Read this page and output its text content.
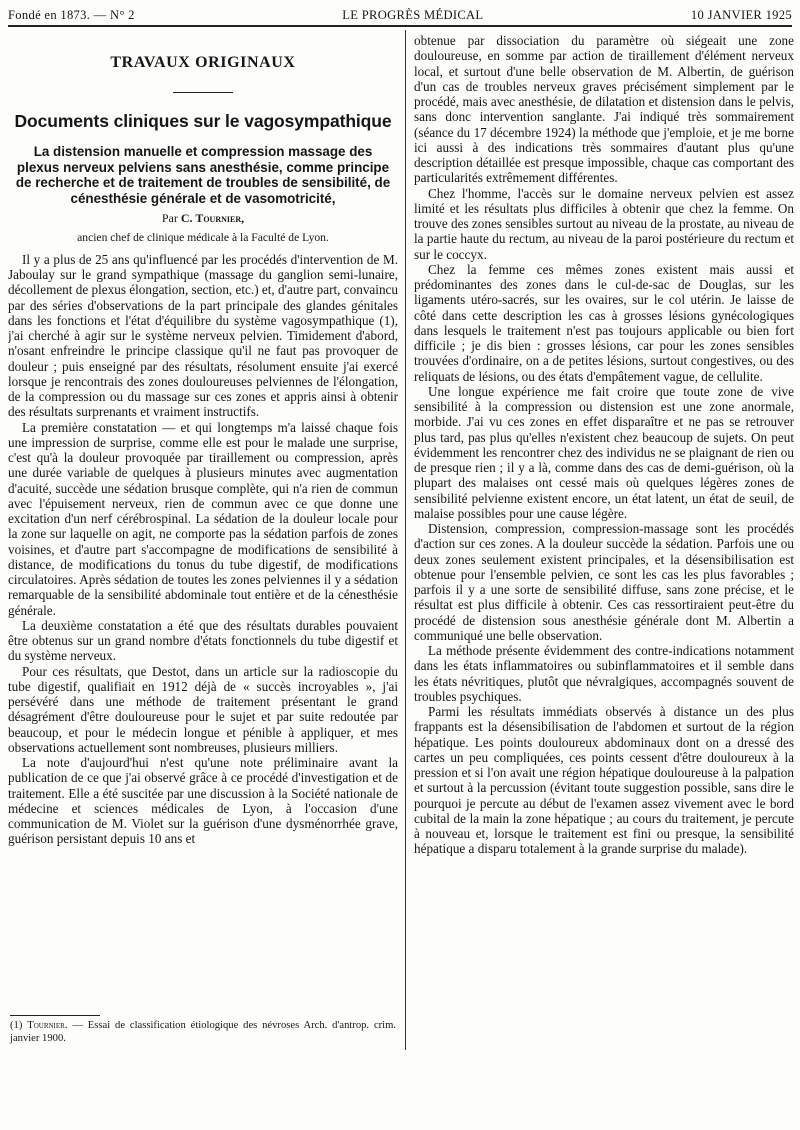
Fondé en 1873. — N° 2	LE PROGRÈS MÉDICAL	10 JANVIER 1925
TRAVAUX ORIGINAUX
Documents cliniques sur le vagosympathique
La distension manuelle et compression massage des plexus nerveux pelviens sans anesthésie, comme principe de recherche et de traitement de troubles de sensibilité, de cénesthésie générale et de vasomotricité,
Par C. Tournier,
ancien chef de clinique médicale à la Faculté de Lyon.

Il y a plus de 25 ans qu'influencé par les procédés d'intervention de M. Jaboulay sur le grand sympathique (massage du ganglion semi-lunaire, décollement de plexus élongation, section, etc.) et, d'autre part, convaincu par des séries d'observations de la part principale des glandes génitales dans les fonctions et l'état d'équilibre du système vagosympathique (1), j'ai cherché à agir sur le système nerveux pelvien. Timidement d'abord, n'osant enfreindre le principe classique qu'il ne faut pas provoquer de douleur ; puis enseigné par des résultats, résolument ensuite j'ai exercé lorsque je rencontrais des zones douloureuses pelviennes de l'élongation, de la compression ou du massage sur ces zones et appris ainsi à obtenir des résultats surprenants et vraiment instructifs.

La première constatation — et qui longtemps m'a laissé chaque fois une impression de surprise, comme elle est pour le malade une surprise, c'est qu'à la douleur provoquée par tiraillement ou compression, après une durée variable de quelques à plusieurs minutes avec augmentation d'acuité, succède une sédation brusque complète, qui n'a rien de commun avec l'épuisement nerveux, rien de commun avec ce que donne une excitation d'un nerf cérébrospinal. La sédation de la douleur locale pour la zone sur laquelle on agit, ne comporte pas la sédation parfois de zones voisines, et d'autre part s'accompagne de modifications de sensibilité à distance, de modifications du tonus du tube digestif, de modifications circulatoires. Après sédation de toutes les zones pelviennes il y a sédation remarquable de la sensibilité abdominale tout entière et de la cénesthésie générale.

La deuxième constatation a été que des résultats durables pouvaient être obtenus sur un grand nombre d'états fonctionnels du tube digestif et du système nerveux.

Pour ces résultats, que Destot, dans un article sur la radioscopie du tube digestif, qualifiait en 1912 déjà de « succès incroyables », j'ai persévéré dans une méthode de traitement présentant le grand désagrément d'être douloureuse pour le sujet et par suite redoutée par beaucoup, et pour le médecin longue et pénible à appliquer, et mes observations actuellement sont nombreuses, plusieurs milliers.

La note d'aujourd'hui n'est qu'une note préliminaire avant la publication de ce que j'ai observé grâce à ce procédé d'investigation et de traitement. Elle a été suscitée par une discussion à la Société nationale de médecine et sciences médicales de Lyon, à l'occasion d'une communication de M. Violet sur la guérison d'une dysménorrhée grave, guérison persistant depuis 10 ans et

(1) Tournier. — Essai de classification étiologique des névroses Arch. d'antrop. crim. janvier 1900.

obtenue par dissociation du paramètre où siégeait une zone douloureuse, en somme par action de tiraillement d'élément nerveux local, et surtout d'une belle observation de M. Albertin, de guérison d'un cas de troubles nerveux graves précisément simplement par le procédé, mais avec anesthésie, de dilatation et distension dans le pelvis, sans donc intervention sanglante. J'ai indiqué très sommairement (séance du 17 décembre 1924) la méthode que j'emploie, et je me borne ici aussi à des indications très sommaires d'autant plus qu'une description détaillée est presque impossible, chaque cas comportant des particularités extrêmement différentes.

Chez l'homme, l'accès sur le domaine nerveux pelvien est assez limité et les résultats plus difficiles à obtenir que chez la femme. On trouve des zones sensibles surtout au niveau de la prostate, au niveau de la partie haute du rectum, au niveau de la paroi postérieure du rectum et sur le coccyx.

Chez la femme ces mêmes zones existent mais aussi et prédominantes des zones dans le cul-de-sac de Douglas, sur les ligaments utéro-sacrés, sur les ovaires, sur le col utérin. Je laisse de côté dans cette description les cas à grosses lésions gynécologiques dans lesquels le traitement n'est pas toujours applicable ou bien fort difficile ; je dis bien : grosses lésions, car pour les zones sensibles trouvées d'ordinaire, on a de petites lésions, surtout congestives, ou des reliquats de lésions, ou des états d'empâtement vague, de cellulite.

Une longue expérience me fait croire que toute zone de vive sensibilité à la compression ou distension est une zone anormale, morbide. J'ai vu ces zones en effet disparaître et ne pas se retrouver plus tard, pas plus qu'elles n'existent chez beaucoup de sujets. On peut évidemment les rencontrer chez des individus ne se plaignant de rien ou de presque rien ; il y a là, comme dans des cas de demi-guérison, où la plupart des malaises ont cessé mais où quelques légères zones de sensibilité pelvienne existent encore, un état latent, un état de seuil, de malaise possibles pour une cause légère.

Distension, compression, compression-massage sont les procédés d'action sur ces zones. A la douleur succède la sédation. Parfois une ou deux zones seulement existent principales, et la désensibilisation est obtenue pour l'ensemble pelvien, ce sont les cas les plus favorables ; parfois il y a une sorte de sensibilité diffuse, sans zone précise, et le résultat est plus difficile à obtenir. Ces cas ressortiraient peut-être du procédé de distension sous anesthésie générale dont M. Albertin a communiqué une belle observation.

La méthode présente évidemment des contre-indications notamment dans les états inflammatoires ou subinflammatoires et il semble dans les états névritiques, plutôt que névralgiques, accompagnés souvent de troubles psychiques.

Parmi les résultats immédiats observés à distance un des plus frappants est la désensibilisation de l'abdomen et surtout de la région hépatique. Les points douloureux abdominaux dont on a dressé des cartes un peu compliquées, ces points cessent d'être douloureux à la pression et si l'on avait une région hépatique douloureuse à la palpation et surtout à la percussion (évitant toute suggestion possible, sans dire le pourquoi je percute au début de l'examen assez vivement avec le bord cubital de la main la zone hépatique ; au cours du traitement, je percute à nouveau et, lorsque le traitement est fini ou presque, la sensibilité hépatique a disparu totalement à la grande surprise du malade).
